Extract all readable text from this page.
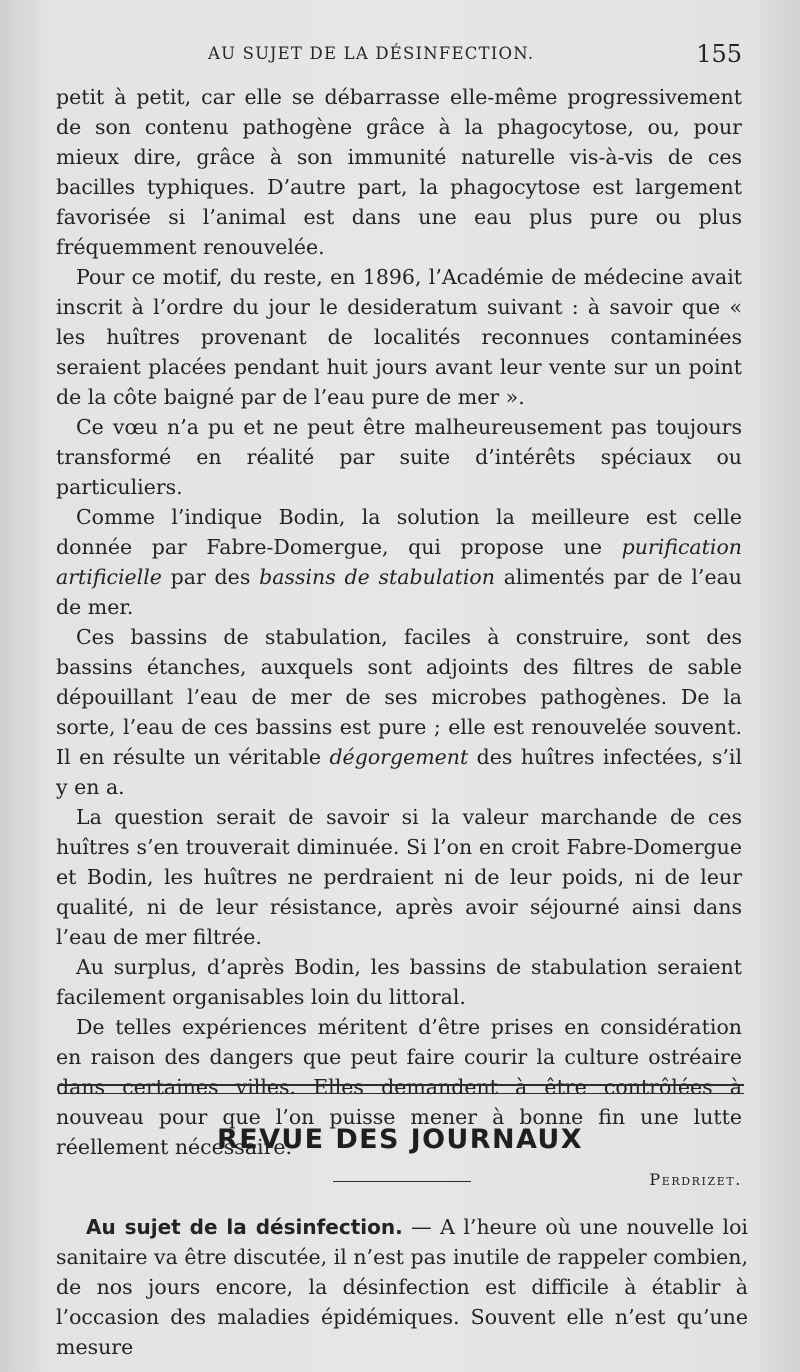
AU SUJET DE LA DÉSINFECTION.	155

petit à petit, car elle se débarrasse elle-même progressivement de son contenu pathogène grâce à la phagocytose, ou, pour mieux dire, grâce à son immunité naturelle vis-à-vis de ces bacilles typhiques. D’autre part, la phagocytose est largement favorisée si l’animal est dans une eau plus pure ou plus fréquemment renouvelée.

Pour ce motif, du reste, en 1896, l’Académie de médecine avait inscrit à l’ordre du jour le desideratum suivant : à savoir que « les huîtres provenant de localités reconnues contaminées seraient placées pendant huit jours avant leur vente sur un point de la côte baigné par de l’eau pure de mer ».

Ce vœu n’a pu et ne peut être malheureusement pas toujours transformé en réalité par suite d’intérêts spéciaux ou particuliers.

Comme l’indique Bodin, la solution la meilleure est celle donnée par Fabre-Domergue, qui propose une purification artificielle par des bassins de stabulation alimentés par de l’eau de mer.

Ces bassins de stabulation, faciles à construire, sont des bassins étanches, auxquels sont adjoints des filtres de sable dépouillant l’eau de mer de ses microbes pathogènes. De la sorte, l’eau de ces bassins est pure ; elle est renouvelée souvent. Il en résulte un véritable dégorgement des huîtres infectées, s’il y en a.

La question serait de savoir si la valeur marchande de ces huîtres s’en trouverait diminuée. Si l’on en croit Fabre-Domergue et Bodin, les huîtres ne perdraient ni de leur poids, ni de leur qualité, ni de leur résistance, après avoir séjourné ainsi dans l’eau de mer filtrée.

Au surplus, d’après Bodin, les bassins de stabulation seraient facilement organisables loin du littoral.

De telles expériences méritent d’être prises en considération en raison des dangers que peut faire courir la culture ostréaire dans certaines villes. Elles demandent à être contrôlées à nouveau pour que l’on puisse mener à bonne fin une lutte réellement nécessaire.

Perdrizet.

REVUE DES JOURNAUX

Au sujet de la désinfection. — A l’heure où une nouvelle loi sanitaire va être discutée, il n’est pas inutile de rappeler combien, de nos jours encore, la désinfection est difficile à établir à l’occasion des maladies épidémiques. Souvent elle n’est qu’une mesure
